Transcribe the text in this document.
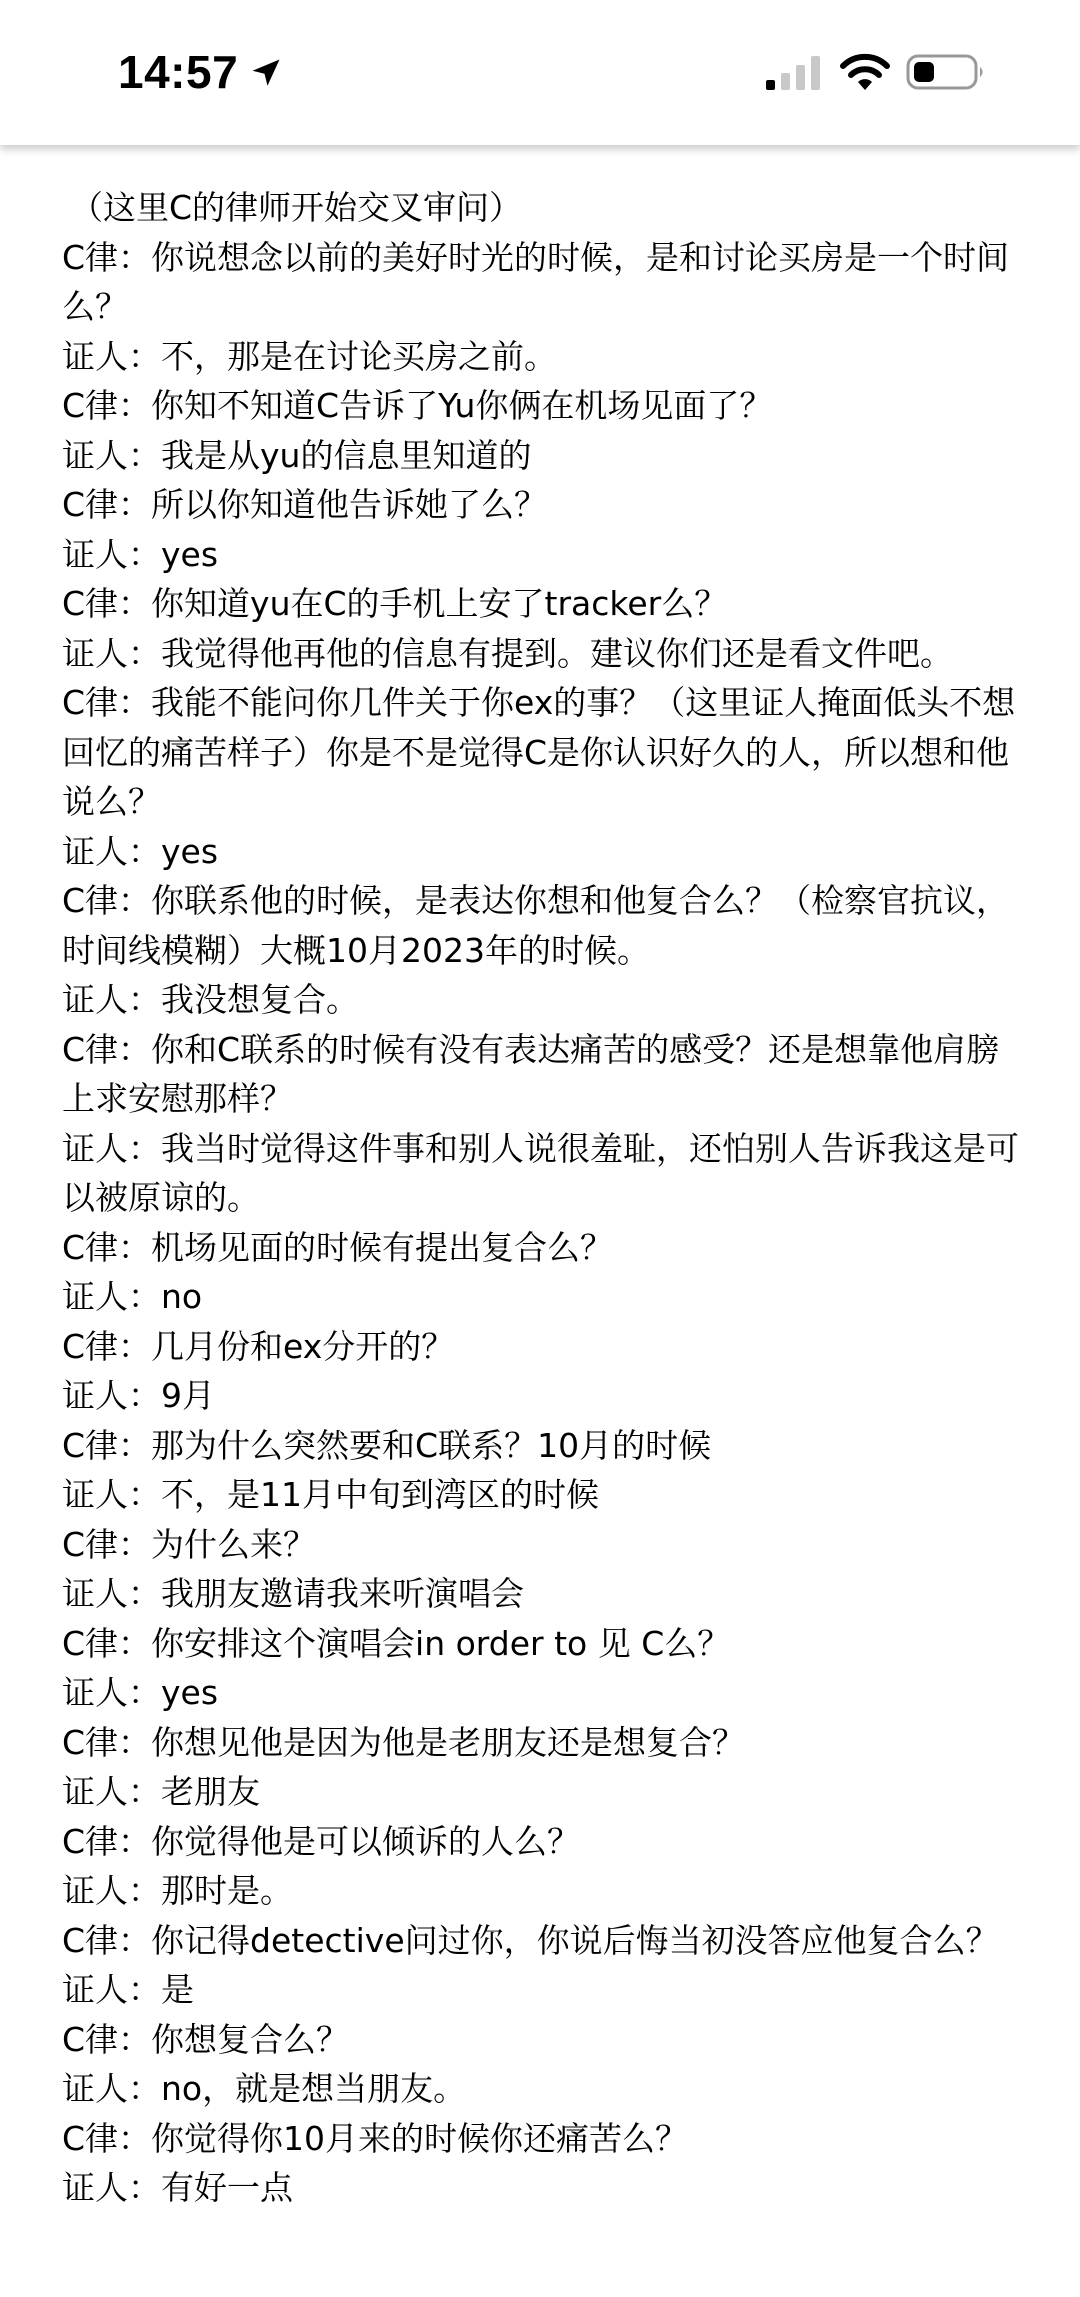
14:57

（这里C的律师开始交叉审问）

C律：你说想念以前的美好时光的时候，是和讨论买房是一个时间么？

证人：不，那是在讨论买房之前。

C律：你知不知道C告诉了Yu你俩在机场见面了？

证人：我是从yu的信息里知道的

C律：所以你知道他告诉她了么？

证人：yes

C律：你知道yu在C的手机上安了tracker么？

证人：我觉得他再他的信息有提到。建议你们还是看文件吧。

C律：我能不能问你几件关于你ex的事？（这里证人掩面低头不想回忆的痛苦样子）你是不是觉得C是你认识好久的人，所以想和他说么？

证人：yes

C律：你联系他的时候，是表达你想和他复合么？（检察官抗议，时间线模糊）大概10月2023年的时候。

证人：我没想复合。

C律：你和C联系的时候有没有表达痛苦的感受？还是想靠他肩膀上求安慰那样？

证人：我当时觉得这件事和别人说很羞耻，还怕别人告诉我这是可以被原谅的。

C律：机场见面的时候有提出复合么？

证人：no

C律：几月份和ex分开的？

证人：9月

C律：那为什么突然要和C联系？10月的时候

证人：不，是11月中旬到湾区的时候

C律：为什么来？

证人：我朋友邀请我来听演唱会

C律：你安排这个演唱会in order to 见 C么？

证人：yes

C律：你想见他是因为他是老朋友还是想复合？

证人：老朋友

C律：你觉得他是可以倾诉的人么？

证人：那时是。

C律：你记得detective问过你，你说后悔当初没答应他复合么？

证人：是

C律：你想复合么？

证人：no，就是想当朋友。

C律：你觉得你10月来的时候你还痛苦么？

证人：有好一点
